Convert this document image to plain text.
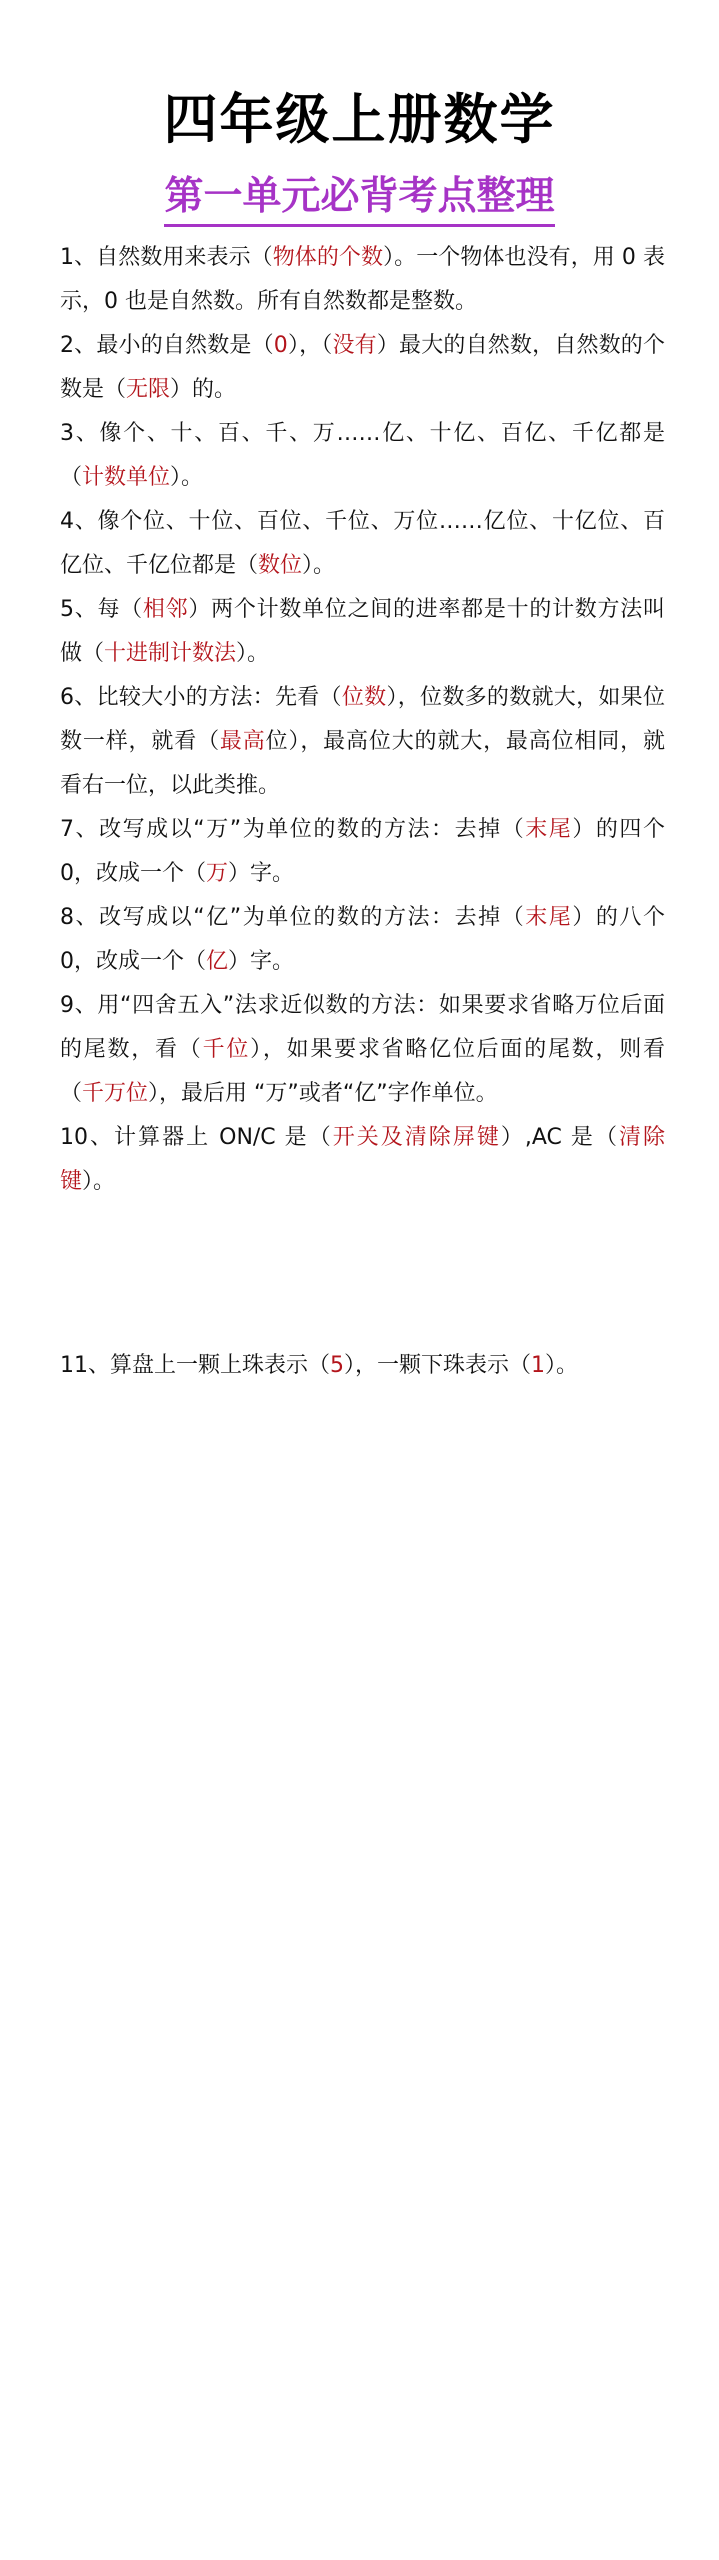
四年级上册数学
第一单元必背考点整理
1、自然数用来表示（物体的个数）。一个物体也没有，用 0 表示，0 也是自然数。所有自然数都是整数。
2、最小的自然数是（0），（没有）最大的自然数，自然数的个数是（无限）的。
3、像个、十、百、千、万……亿、十亿、百亿、千亿都是（计数单位）。
4、像个位、十位、百位、千位、万位……亿位、十亿位、百亿位、千亿位都是（数位）。
5、每（相邻）两个计数单位之间的进率都是十的计数方法叫做（十进制计数法）。
6、比较大小的方法：先看（位数），位数多的数就大，如果位数一样，就看（最高位），最高位大的就大，最高位相同，就看右一位，以此类推。
7、改写成以“万”为单位的数的方法：去掉（末尾）的四个 0，改成一个（万）字。
8、改写成以“亿”为单位的数的方法：去掉（末尾）的八个 0，改成一个（亿）字。
9、用“四舍五入”法求近似数的方法：如果要求省略万位后面的尾数，看（千位），如果要求省略亿位后面的尾数，则看（千万位），最后用 “万”或者“亿”字作单位。
10、计算器上 ON/C 是（开关及清除屏键）,AC 是（清除键）。
11、算盘上一颗上珠表示（5），一颗下珠表示（1）。
